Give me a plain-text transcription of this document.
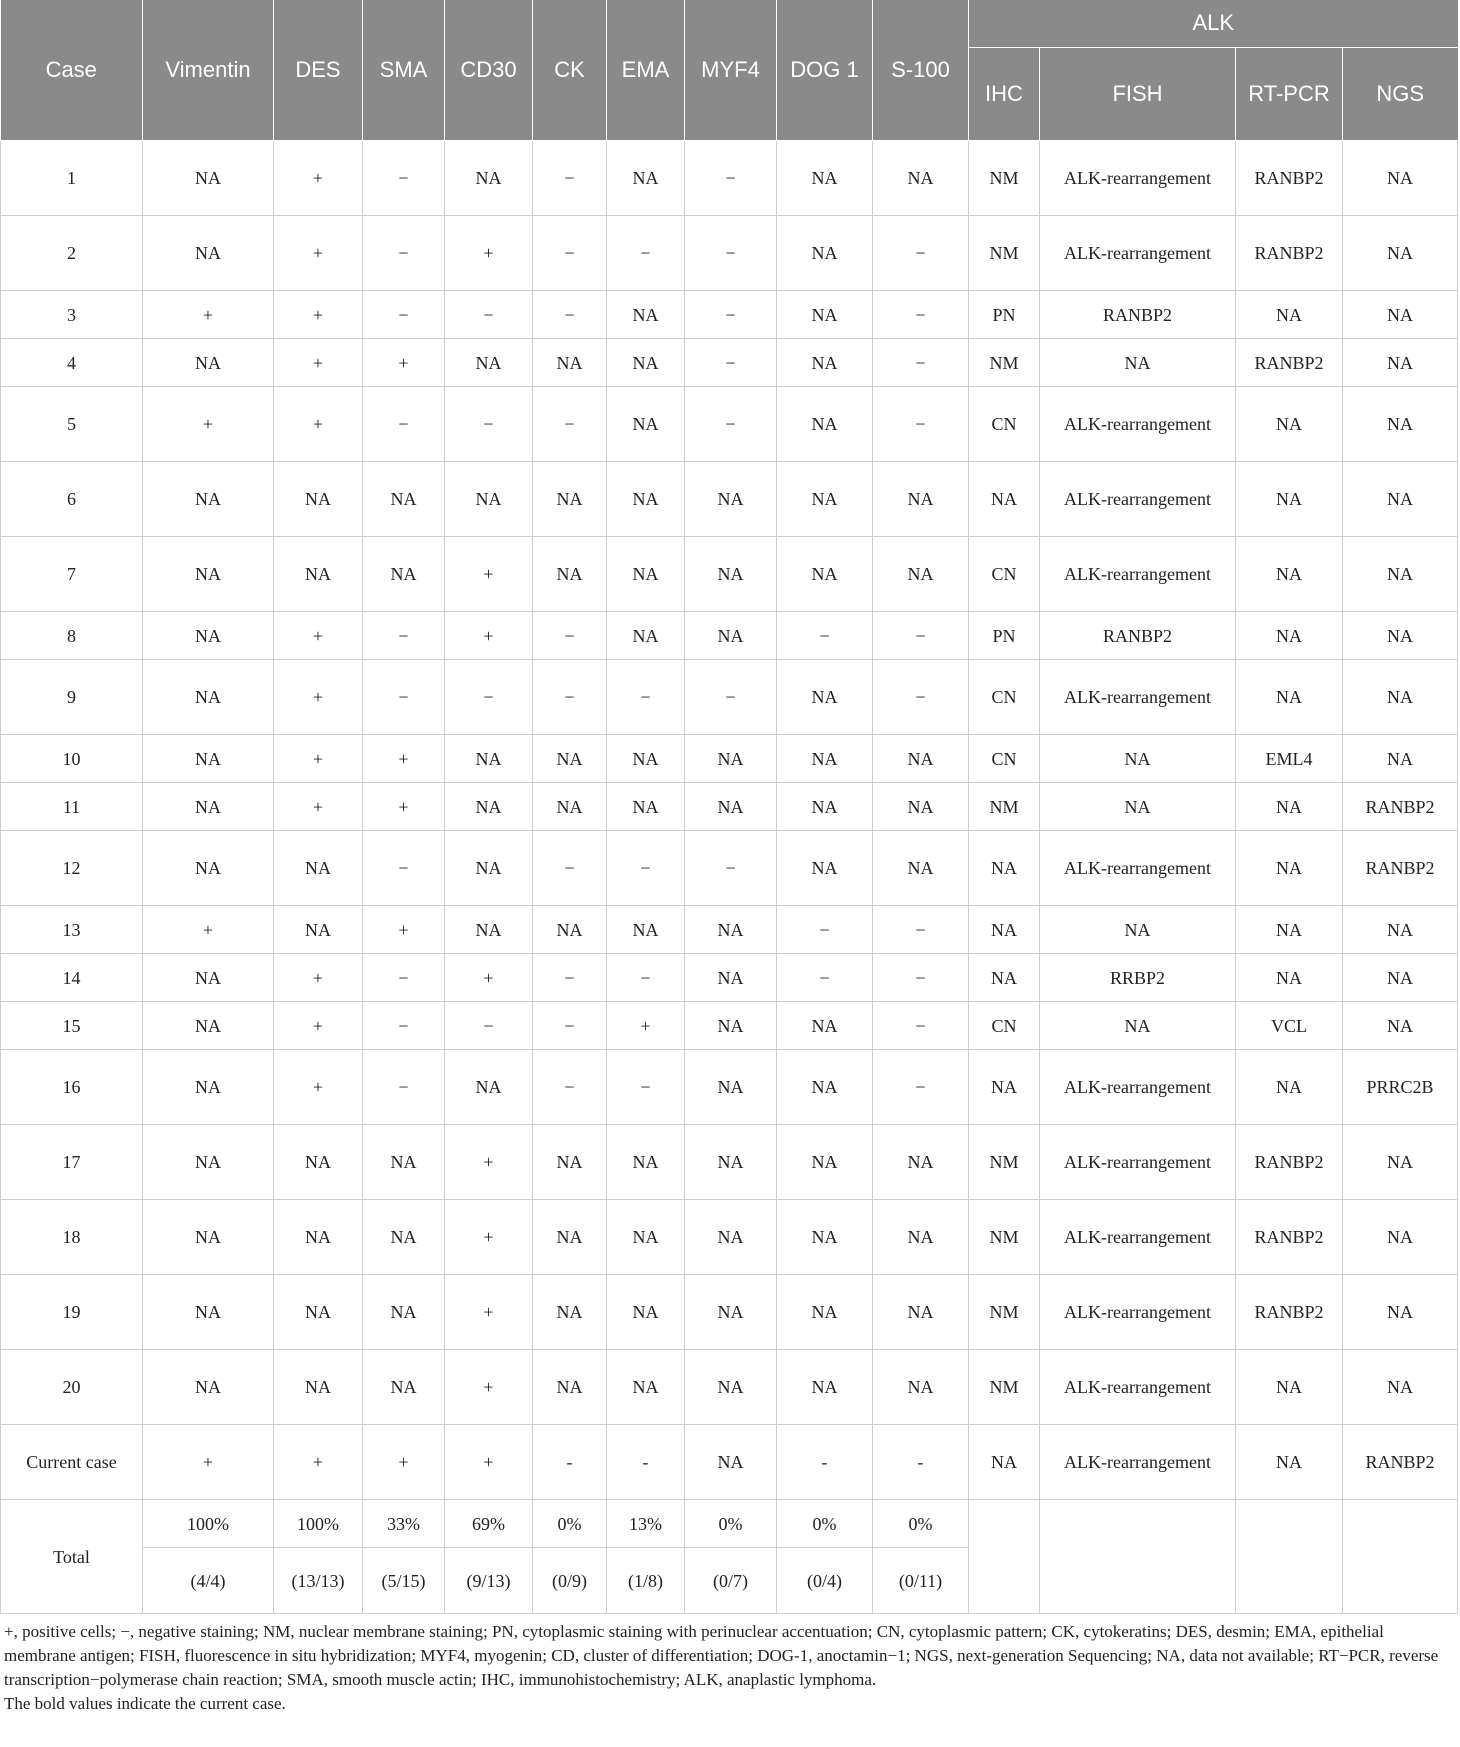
Case	Vimentin	DES	SMA	CD30	CK	EMA	MYF4	DOG 1	S-100	ALK			
										IHC	FISH	RT-PCR	NGS
1	NA	+	−	NA	−	NA	−	NA	NA	NM	ALK-rearrangement	RANBP2	NA
2	NA	+	−	+	−	−	−	NA	−	NM	ALK-rearrangement	RANBP2	NA
3	+	+	−	−	−	NA	−	NA	−	PN	RANBP2	NA	NA
4	NA	+	+	NA	NA	NA	−	NA	−	NM	NA	RANBP2	NA
5	+	+	−	−	−	NA	−	NA	−	CN	ALK-rearrangement	NA	NA
6	NA	NA	NA	NA	NA	NA	NA	NA	NA	NA	ALK-rearrangement	NA	NA
7	NA	NA	NA	+	NA	NA	NA	NA	NA	CN	ALK-rearrangement	NA	NA
8	NA	+	−	+	−	NA	NA	−	−	PN	RANBP2	NA	NA
9	NA	+	−	−	−	−	−	NA	−	CN	ALK-rearrangement	NA	NA
10	NA	+	+	NA	NA	NA	NA	NA	NA	CN	NA	EML4	NA
11	NA	+	+	NA	NA	NA	NA	NA	NA	NM	NA	NA	RANBP2
12	NA	NA	−	NA	−	−	−	NA	NA	NA	ALK-rearrangement	NA	RANBP2
13	+	NA	+	NA	NA	NA	NA	−	−	NA	NA	NA	NA
14	NA	+	−	+	−	−	NA	−	−	NA	RRBP2	NA	NA
15	NA	+	−	−	−	+	NA	NA	−	CN	NA	VCL	NA
16	NA	+	−	NA	−	−	NA	NA	−	NA	ALK-rearrangement	NA	PRRC2B
17	NA	NA	NA	+	NA	NA	NA	NA	NA	NM	ALK-rearrangement	RANBP2	NA
18	NA	NA	NA	+	NA	NA	NA	NA	NA	NM	ALK-rearrangement	RANBP2	NA
19	NA	NA	NA	+	NA	NA	NA	NA	NA	NM	ALK-rearrangement	RANBP2	NA
20	NA	NA	NA	+	NA	NA	NA	NA	NA	NM	ALK-rearrangement	NA	NA
Current case	+	+	+	+	-	-	NA	-	-	NA	ALK-rearrangement	NA	RANBP2
Total	100%	100%	33%	69%	0%	13%	0%	0%	0%				
	(4/4)	(13/13)	(5/15)	(9/13)	(0/9)	(1/8)	(0/7)	(0/4)	(0/11)				
+, positive cells; −, negative staining; NM, nuclear membrane staining; PN, cytoplasmic staining with perinuclear accentuation; CN, cytoplasmic pattern; CK, cytokeratins; DES, desmin; EMA, epithelial membrane antigen; FISH, fluorescence in situ hybridization; MYF4, myogenin; CD, cluster of differentiation; DOG-1, anoctamin−1; NGS, next-generation Sequencing; NA, data not available; RT−PCR, reverse transcription−polymerase chain reaction; SMA, smooth muscle actin; IHC, immunohistochemistry; ALK, anaplastic lymphoma.
The bold values indicate the current case.
